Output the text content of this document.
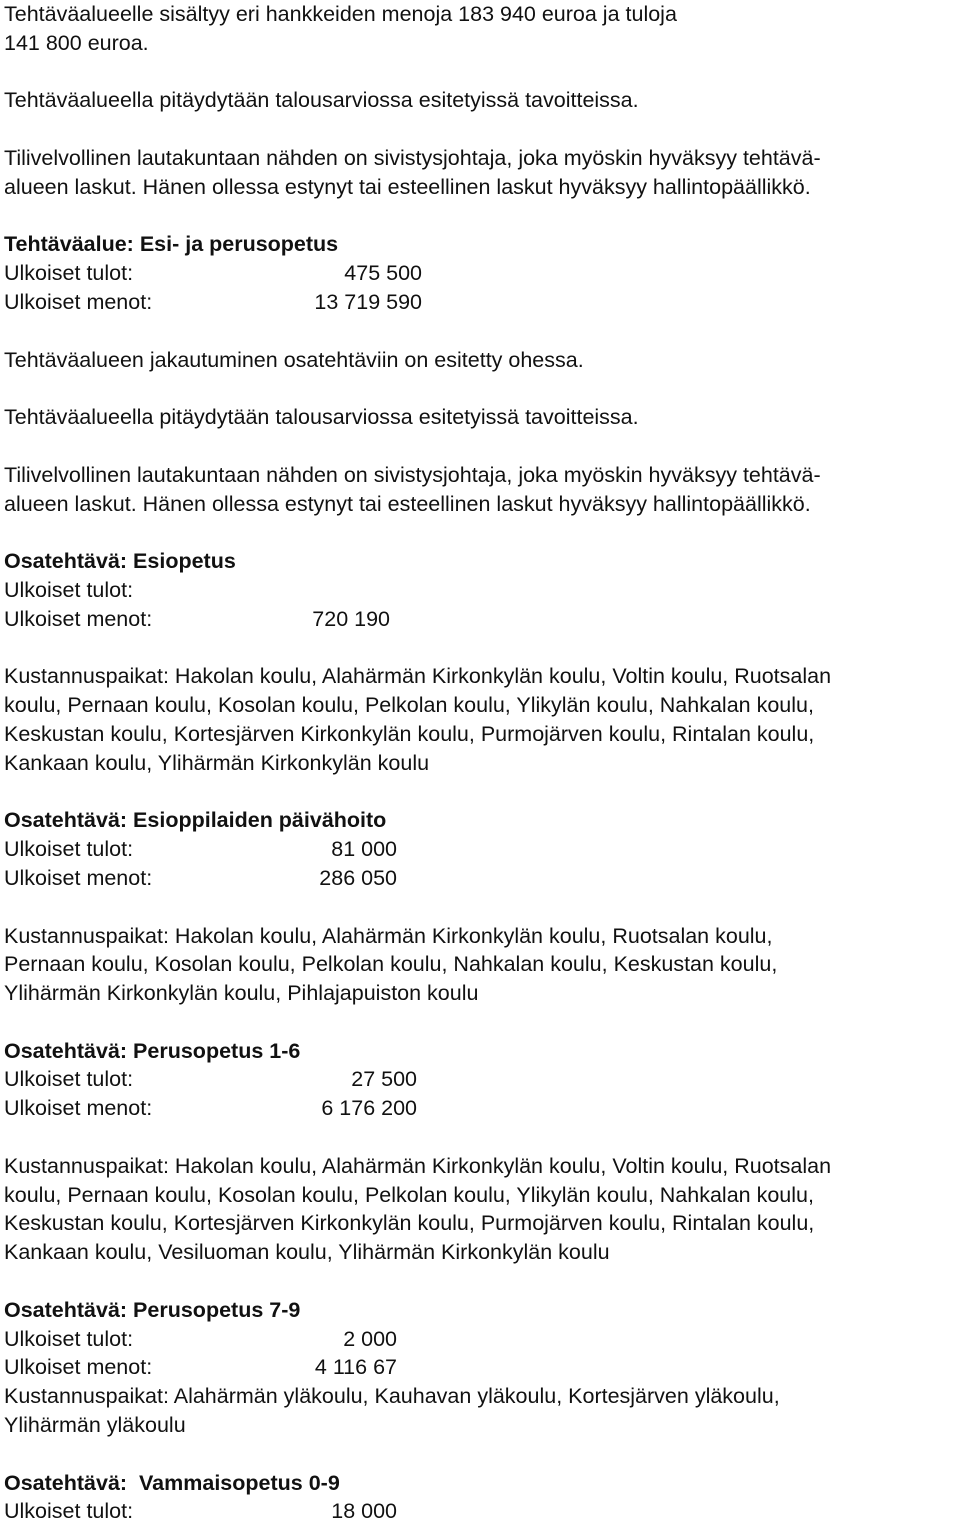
Tehtäväalueelle sisältyy eri hankkeiden menoja 183 940 euroa ja tuloja
141 800 euroa.

Tehtäväalueella pitäydytään talousarviossa esitetyissä tavoitteissa.

Tilivelvollinen lautakuntaan nähden on sivistysjohtaja, joka myöskin hyväksyy tehtävä-
alueen laskut. Hänen ollessa estynyt tai esteellinen laskut hyväksyy hallintopäällikkö.

Tehtäväalue: Esi- ja perusopetus
Ulkoiset tulot:	475 500
Ulkoiset menot:	13 719 590

Tehtäväalueen jakautuminen osatehtäviin on esitetty ohessa.

Tehtäväalueella pitäydytään talousarviossa esitetyissä tavoitteissa.

Tilivelvollinen lautakuntaan nähden on sivistysjohtaja, joka myöskin hyväksyy tehtävä-
alueen laskut. Hänen ollessa estynyt tai esteellinen laskut hyväksyy hallintopäällikkö.

Osatehtävä: Esiopetus
Ulkoiset tulot:
Ulkoiset menot:	720 190

Kustannuspaikat: Hakolan koulu, Alahärmän Kirkonkylän koulu, Voltin koulu, Ruotsalan
koulu, Pernaan koulu, Kosolan koulu, Pelkolan koulu, Ylikylän koulu, Nahkalan koulu,
Keskustan koulu, Kortesjärven Kirkonkylän koulu, Purmojärven koulu, Rintalan koulu,
Kankaan koulu, Ylihärmän Kirkonkylän koulu

Osatehtävä: Esioppilaiden päivähoito
Ulkoiset tulot:	81 000
Ulkoiset menot:	286 050

Kustannuspaikat: Hakolan koulu, Alahärmän Kirkonkylän koulu, Ruotsalan koulu,
Pernaan koulu, Kosolan koulu, Pelkolan koulu, Nahkalan koulu, Keskustan koulu,
Ylihärmän Kirkonkylän koulu, Pihlajapuiston koulu

Osatehtävä: Perusopetus 1-6
Ulkoiset tulot:	27 500
Ulkoiset menot:	6 176 200

Kustannuspaikat: Hakolan koulu, Alahärmän Kirkonkylän koulu, Voltin koulu, Ruotsalan
koulu, Pernaan koulu, Kosolan koulu, Pelkolan koulu, Ylikylän koulu, Nahkalan koulu,
Keskustan koulu, Kortesjärven Kirkonkylän koulu, Purmojärven koulu, Rintalan koulu,
Kankaan koulu, Vesiluoman koulu, Ylihärmän Kirkonkylän koulu

Osatehtävä: Perusopetus 7-9
Ulkoiset tulot:	2 000
Ulkoiset menot:	4 116 67

Kustannuspaikat: Alahärmän yläkoulu, Kauhavan yläkoulu, Kortesjärven yläkoulu,
Ylihärmän yläkoulu

Osatehtävä:  Vammaisopetus 0-9
Ulkoiset tulot:	18 000
